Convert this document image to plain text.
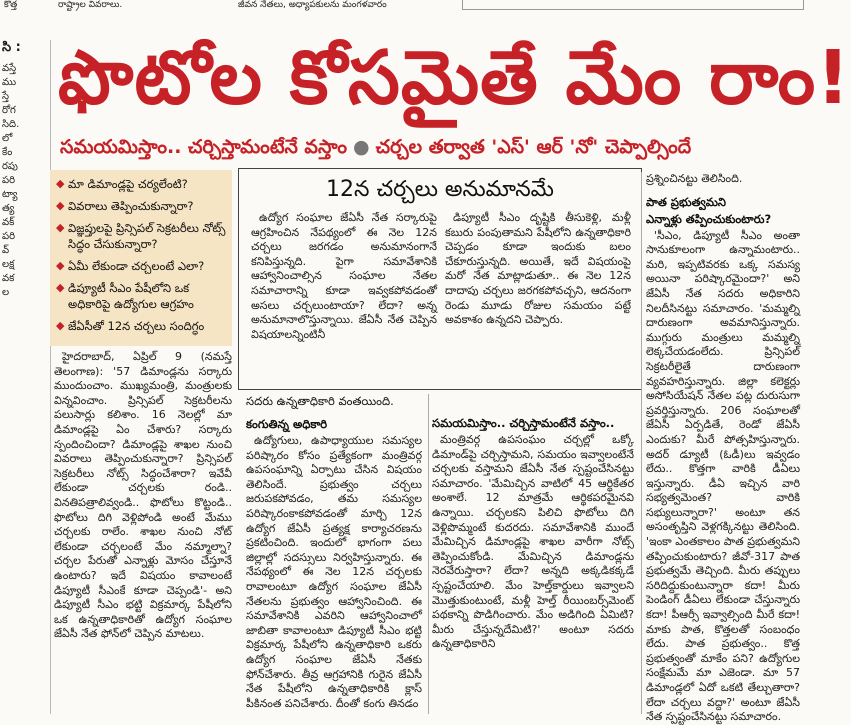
కొత్త	రాష్ట్రాల వివరాలు.	జీవన నేతలు, అధ్యాపకులను మంగళవారం
సి :
వస్తే
ము
స్తే
రోగ
సిది.
లో
కేం
రపు
పరి
ట్యా
త్య
వక్
పరి
వ్
లక్ష
వక
ల
ఫొటోల కోసమైతే మేం రాం!
సమయమిస్తాం.. చర్చిస్తామంటేనే వస్తాం ● చర్చల తర్వాత 'ఎస్' ఆర్ 'నో' చెప్పాల్సిందే
◆ మా డిమాండ్లపై చర్యలేంటి?
◆ వివరాలు తెప్పించుకున్నారా?
◆ విజ్ఞప్తులపై ప్రిన్సిపల్ సెక్రటరీలు నోట్స్ సిద్ధం చేసుకున్నారా?
◆ ఏమీ లేకుండా చర్చలంటే ఎలా?
◆ డిప్యూటీ సీఎం పేషీలోని ఒక అధికారిపై ఉద్యోగుల ఆగ్రహం
◆ జేఏసీతో 12న చర్చలు సందిగ్ధం

హైదరాబాద్, ఏప్రిల్ 9 (నమస్తే తెలంగాణ): '57 డిమాండ్లను సర్కారు ముందుంచాం. ముఖ్యమంత్రి, మంత్రులకు విన్నవించాం. ప్రిన్సిపల్ సెక్రటరీలను పలుసార్లు కలిశాం. 16 నెలల్లో మా డిమాండ్లపై ఏం చేశారు? సర్కారు స్పందించిందా? డిమాండ్లపై శాఖల నుంచి వివరాలు తెప్పించుకున్నారా? ప్రిన్సిపల్ సెక్రటరీలు నోట్స్ సిద్ధంచేశారా? ఇవేవీ లేకుండా చర్చలకు రండి.. వినతిపత్రాలివ్వండి.. ఫొటోలు కొట్టండి.. ఫొటోలు దిగి వెళ్లిపోండి అంటే మేము చర్చలకు రాలేం. శాఖల నుంచి నోట్ లేకుండా చర్చలంటే మేం నమ్మాల్నా? చర్చల పేరుతో ఎన్నాళ్లు మోసం చేస్తూనే ఉంటారు? ఇదే విషయం కావాలంటే డిప్యూటీ సీఎంకే కూడా చెప్పండి'- అని డిప్యూటీ సీఎం భట్టి విక్రమార్క పేషీలోని ఒక ఉన్నతాధికారితో ఉద్యోగ సంఘాల జేఏసీ నేత ఫోన్‌లో చెప్పిన మాటలు.

12న చర్చలు అనుమానమే

ఉద్యోగ సంఘాల జేఏసీ నేత సర్కారుపై ఆగ్రహించిన నేపథ్యంలో ఈ నెల 12న చర్చలు జరగడం అనుమానంగానే కనిపిస్తున్నది. పైగా సమావేశానికి ఆహ్వానించాల్సిన సంఘాల నేతల సమాచారాన్ని కూడా ఇవ్వకపోవడంతో అసలు చర్చలుంటాయా? లేదా? అన్న అనుమానాలొస్తున్నాయి. జేఏసీ నేత చెప్పిన విషయాలన్నింటినీ

డిప్యూటీ సీఎం దృష్టికి తీసుకెళ్లి, మళ్లీ కబురు పంపుతామని పేషీలోని ఉన్నతాధికారి చెప్పడం కూడా ఇందుకు బలం చేకూరుస్తున్నది. అయితే, ఇదే విషయంపై మరో నేత మాట్లాడుతూ.. ఈ నెల 12న దాదాపు చర్చలు జరగకపోవచ్చని, ఆదనంగా రెండు మూడు రోజుల సమయం పట్టే అవకాశం ఉన్నదని చెప్పారు.

సదరు ఉన్నతాధికారి వంతయింది.
కంగుతిన్న అధికారి

ఉద్యోగులు, ఉపాధ్యాయుల సమస్యల పరిష్కారం కోసం ప్రత్యేకంగా మంత్రివర్గ ఉపసంఘాన్ని ఏర్పాటు చేసిన విషయం తెలిసిందే. ప్రభుత్వం చర్చలు జరుపకపోవడం, తమ సమస్యల పరిష్కారంకాకపోవడంతో మార్చి 12న ఉద్యోగ జేఏసీ ప్రత్యక్ష కార్యాచరణను ప్రకటించింది. ఇందులో భాగంగా పలు జిల్లాల్లో సదస్సులు నిర్వహిస్తున్నారు. ఈ నేపథ్యంలో ఈ నెల 12న చర్చలకు రావాలంటూ ఉద్యోగ సంఘాల జేఏసీ నేతలను ప్రభుత్వం ఆహ్వానించింది. ఈ సమావేశానికి ఎవరిని ఆహ్వానించాలో జాబితా కావాలంటూ డిప్యూటీ సీఎం భట్టి విక్రమార్క పేషీలోని ఉన్నతాధికారి ఒకరు ఉద్యోగ సంఘాల జేఏసీ నేతకు ఫోన్‌చేశారు. తీవ్ర ఆగ్రహానికి గురైన జేఏసీ నేత పేషీలోని ఉన్నతాధికారికి క్లాస్ పీకినంత పనిచేశారు. దీంతో కంగు తినడం

సమయమిస్తాం.. చర్చిస్తామంటేనే వస్తాం..

మంత్రివర్గ ఉపసంఘం చర్చల్లో ఒక్కో డిమాండ్‌పై చర్చిస్తామని, సమయం ఇవ్వాలంటేనే చర్చలకు వస్తామని జేఏసీ నేత స్పష్టంచేసినట్టు సమాచారం. 'మేమిచ్చిన వాటిలో 45 ఆర్థికేతర అంశాలే. 12 మాత్రమే ఆర్థికపరమైనవి ఉన్నాయి. చర్చలకని పిలిచి ఫొటోలు దిగి వెళ్లిపొమ్మంటే కుదరదు. సమావేశానికి ముందే మేమిచ్చిన డిమాండ్లపై శాఖల వారీగా నోట్స్ తెప్పించుకోండి. మేమిచ్చిన డిమాండ్లను నెరవేరుస్తారా? లేదా? అన్నది అక్కడికక్కడే స్పష్టంచేయాలి. మేం హెల్త్‌కార్డులు ఇవ్వాలని మొత్తుకుంటుంటే, మళ్లీ హెల్త్ రీయింబర్స్‌మెంట్ పథకాన్ని పొడిగించారు. మేం అడిగింది ఏమిటి? మీరు చేస్తున్నదేమిటి?' అంటూ సదరు ఉన్నతాధికారిని

ప్రశ్నించినట్టు తెలిసింది.

పాత ప్రభుత్వమని
ఎన్నాళ్లు తప్పించుకుంటారు?

'సీఎం, డిప్యూటీ సీఎం అంతా సానుకూలంగా ఉన్నామంటారు.. మరి, ఇప్పటివరకు ఒక్క సమస్య అయినా పరిష్కారమైందా?' అని జేఏసీ నేత సదరు అధికారిని నిలదీసినట్టు సమాచారం. 'మమ్మల్ని దారుణంగా అవమానిస్తున్నారు. ముగ్గురు మంత్రులు మమ్మల్ని లెక్కచేయడంలేదు. ప్రిన్సిపల్ సెక్రటరీలైతే దారుణంగా వ్యవహరిస్తున్నారు. జిల్లా కలెక్టర్లు అసోసియేషన్ నేతల పట్ల దురుసుగా ప్రవర్తిస్తున్నారు. 206 సంఘాలతో జేఏసీ ఏర్పడితే, రెండో జేఏసీ ఎందుకు? మీరే పోత్సహిస్తున్నారు. అదర్ డ్యూటీ (ఓడీ)లు ఇవ్వడం లేదు.. కొత్తగా వారికి డీఏలు ఇస్తున్నారు. డీఏ ఇచ్చిన వారి సభ్యత్వమెంత? వారికి సభ్యులున్నారా?' అంటూ తన అసంతృప్తిని వెళ్లగక్కినట్టు తెలిసింది. 'ఇంకా ఎంతకాలం పాత ప్రభుత్వమని తప్పించుకుంటారు? జీవో-317 పాత ప్రభుత్వమే తెచ్చింది. మీరు తప్పులు సరిదిద్దుకుంటున్నారా కదా! మీరు పెండింగ్ డీఏలు లేకుండా చేస్తున్నారు కదా! పీఆర్సీ ఇవ్వాల్సింది మీరే కదా! మాకు పాత, కొత్తలతో సంబంధం లేదు. పాత ప్రభుత్వం.. కొత్త ప్రభుత్వంతో మాకేం పని? ఉద్యోగుల సంక్షేమమే మా ఎజెండా. మా 57 డిమాండ్లలో ఏదో ఒకటి తేల్చుతారా? లేదా చర్చలు వద్దా?' అంటూ జేఏసీ నేత స్పష్టంచేసినట్టు సమాచారం.
